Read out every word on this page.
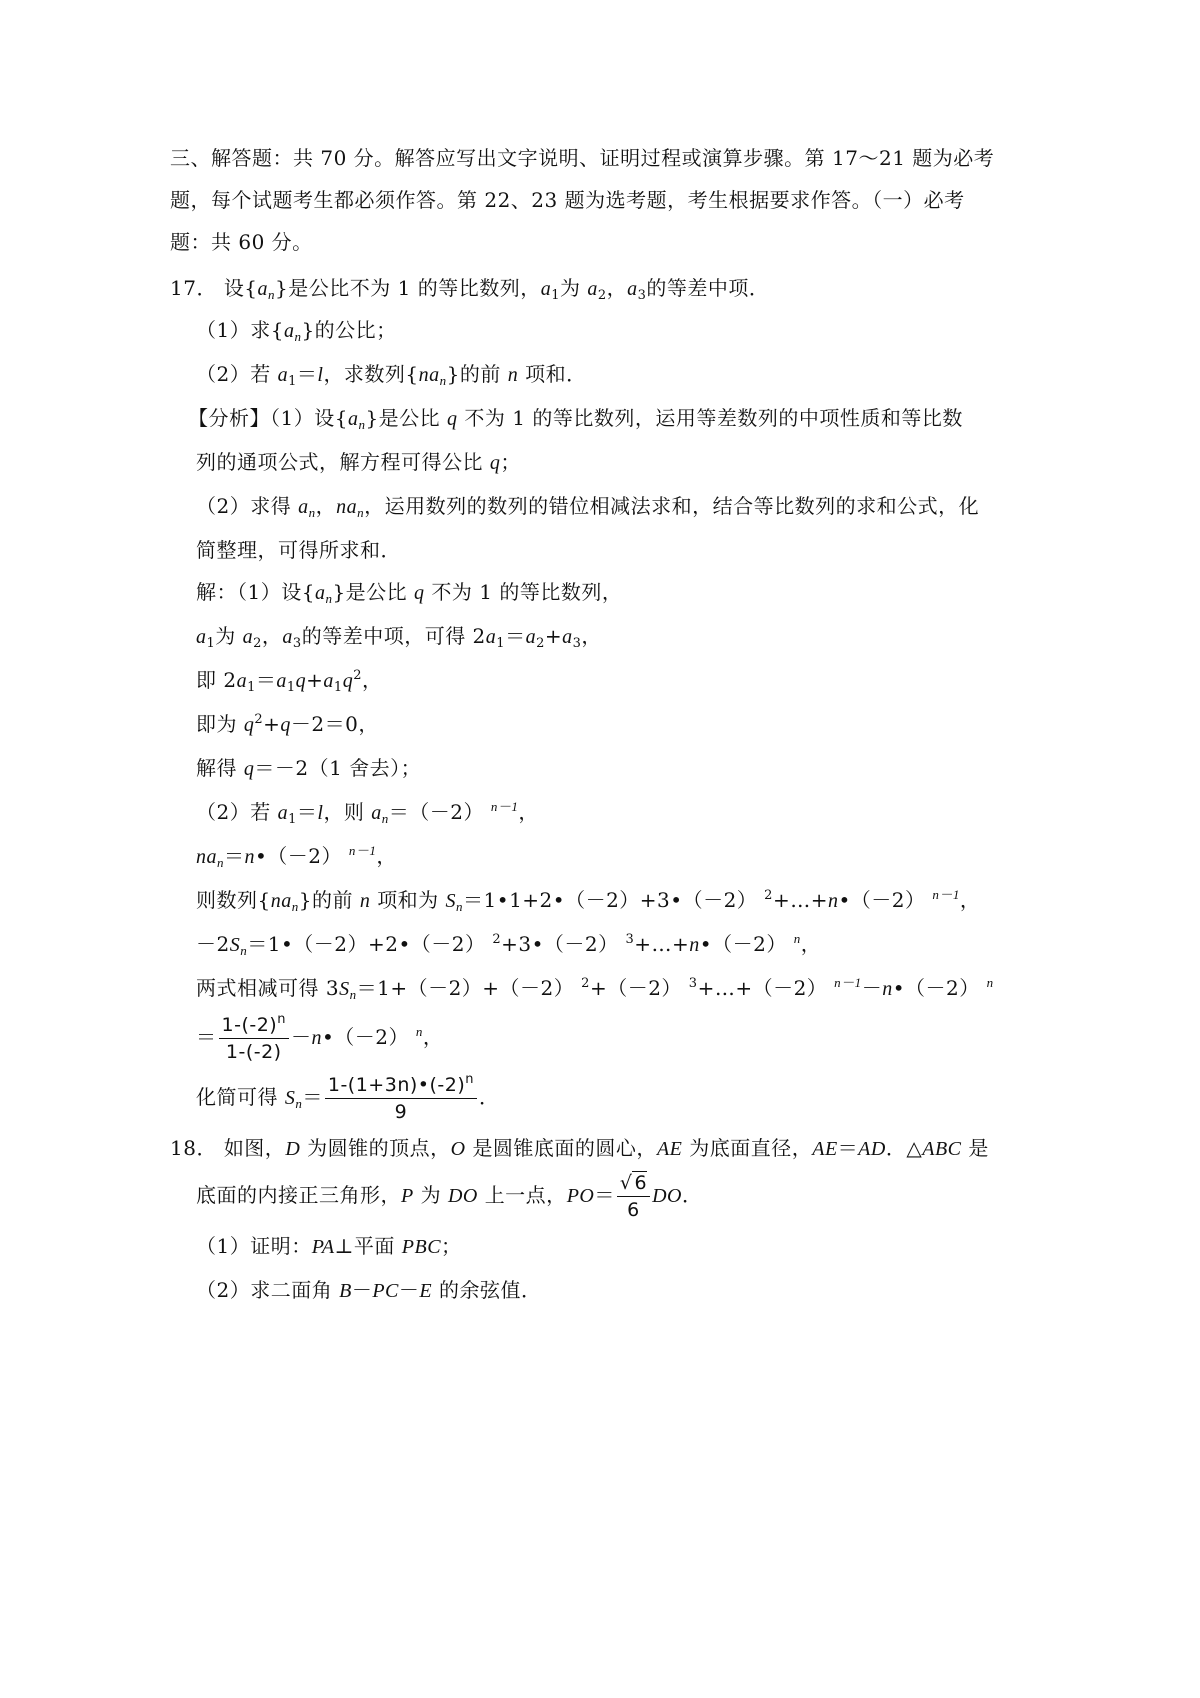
三、解答题：共 70 分。解答应写出文字说明、证明过程或演算步骤。第 17～21 题为必考
题，每个试题考生都必须作答。第 22、23 题为选考题，考生根据要求作答。（一）必考
题：共 60 分。
17． 设$\{a_n\}$是公比不为 1 的等比数列，$a_1$为 $a_2$，$a_3$的等差中项．
（1）求$\{a_n\}$的公比；
（2）若 $a_1=l$，求数列$\{na_n\}$的前 n 项和．
【分析】（1）设$\{a_n\}$是公比 q 不为 1 的等比数列，运用等差数列的中项性质和等比数
列的通项公式，解方程可得公比 q；
（2）求得 $a_n$，$na_n$，运用数列的数列的错位相减法求和，结合等比数列的求和公式，化
简整理，可得所求和．
解：（1）设$\{a_n\}$是公比 q 不为 1 的等比数列，
$a_1$为 $a_2$，$a_3$的等差中项，可得 $2a_1=a_2+a_3$，
即 $2a_1=a_1q+a_1q^2$，
即为 $q^2+q-2=0$，
解得 q＝－2（1 舍去）；
（2）若 $a_1=l$，则 $a_n=(-2)$ $^{n-1}$，
$na_n=n•(-2)$ $^{n-1}$，
则数列$\{na_n\}$的前 n 项和为 $S_n=1•1+2•(-2)+3•(-2)$ $^2$+…+n•（－2） $^{n-1}$，
$-2S_n=1•(-2)+2•(-2)$ $^2$+3•（－2） $^3$+…+n•（－2） $^n$，
两式相减可得 $3S_n=1+(-2)+(-2)$ $^2$+（－2） $^3$+…+（－2） $^{n-1}$－n•（－2） $^n$
＝ $\frac{1-(-2)^n}{1-(-2)}$ －n•（－2） $^n$，
化简可得 $S_n= \frac{1-(1+3n)•(-2)^n}{9}$ ．
18． 如图，D 为圆锥的顶点，O 是圆锥底面的圆心，AE 为底面直径，AE＝AD．△ABC 是
底面的内接正三角形，P 为 DO 上一点，$PO= \frac{√ 6}{6}$ DO．
（1）证明：PA⊥平面 PBC；
（2）求二面角 B－PC－E 的余弦值．
